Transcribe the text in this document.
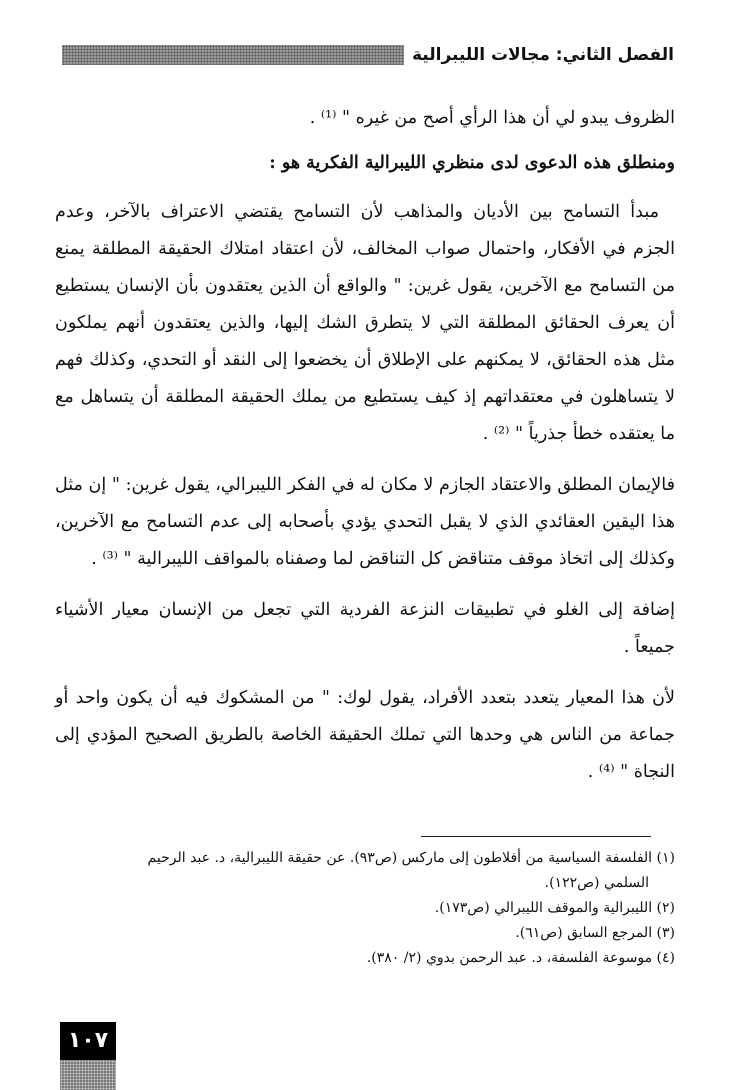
الفصل الثاني: مجالات الليبرالية

الظروف يبدو لي أن هذا الرأي أصح من غيره " ⁽¹⁾ .

ومنطلق هذه الدعوى لدى منظري الليبرالية الفكرية هو :

مبدأ التسامح بين الأديان والمذاهب لأن التسامح يقتضي الاعتراف بالآخر، وعدم الجزم في الأفكار، واحتمال صواب المخالف، لأن اعتقاد امتلاك الحقيقة المطلقة يمنع من التسامح مع الآخرين، يقول غرين: " والواقع أن الذين يعتقدون بأن الإنسان يستطيع أن يعرف الحقائق المطلقة التي لا يتطرق الشك إليها، والذين يعتقدون أنهم يملكون مثل هذه الحقائق، لا يمكنهم على الإطلاق أن يخضعوا إلى النقد أو التحدي، وكذلك فهم لا يتساهلون في معتقداتهم إذ كيف يستطيع من يملك الحقيقة المطلقة أن يتساهل مع ما يعتقده خطأ جذرياً " ⁽²⁾ .

فالإيمان المطلق والاعتقاد الجازم لا مكان له في الفكر الليبرالي، يقول غرين: " إن مثل هذا اليقين العقائدي الذي لا يقبل التحدي يؤدي بأصحابه إلى عدم التسامح مع الآخرين، وكذلك إلى اتخاذ موقف متناقض كل التناقض لما وصفناه بالمواقف الليبرالية " ⁽³⁾ .

إضافة إلى الغلو في تطبيقات النزعة الفردية التي تجعل من الإنسان معيار الأشياء جميعاً .

لأن هذا المعيار يتعدد بتعدد الأفراد، يقول لوك: " من المشكوك فيه أن يكون واحد أو جماعة من الناس هي وحدها التي تملك الحقيقة الخاصة بالطريق الصحيح المؤدي إلى النجاة " ⁽⁴⁾ .

(١) الفلسفة السياسية من أفلاطون إلى ماركس (ص٩٣). عن حقيقة الليبرالية، د. عبد الرحيم

السلمي (ص١٢٢).

(٢) الليبرالية والموقف الليبرالي (ص١٧٣).

(٣) المرجع السابق (ص٦١).

(٤) موسوعة الفلسفة، د. عبد الرحمن بدوي (٢/ ٣٨٠).

١٠٧
